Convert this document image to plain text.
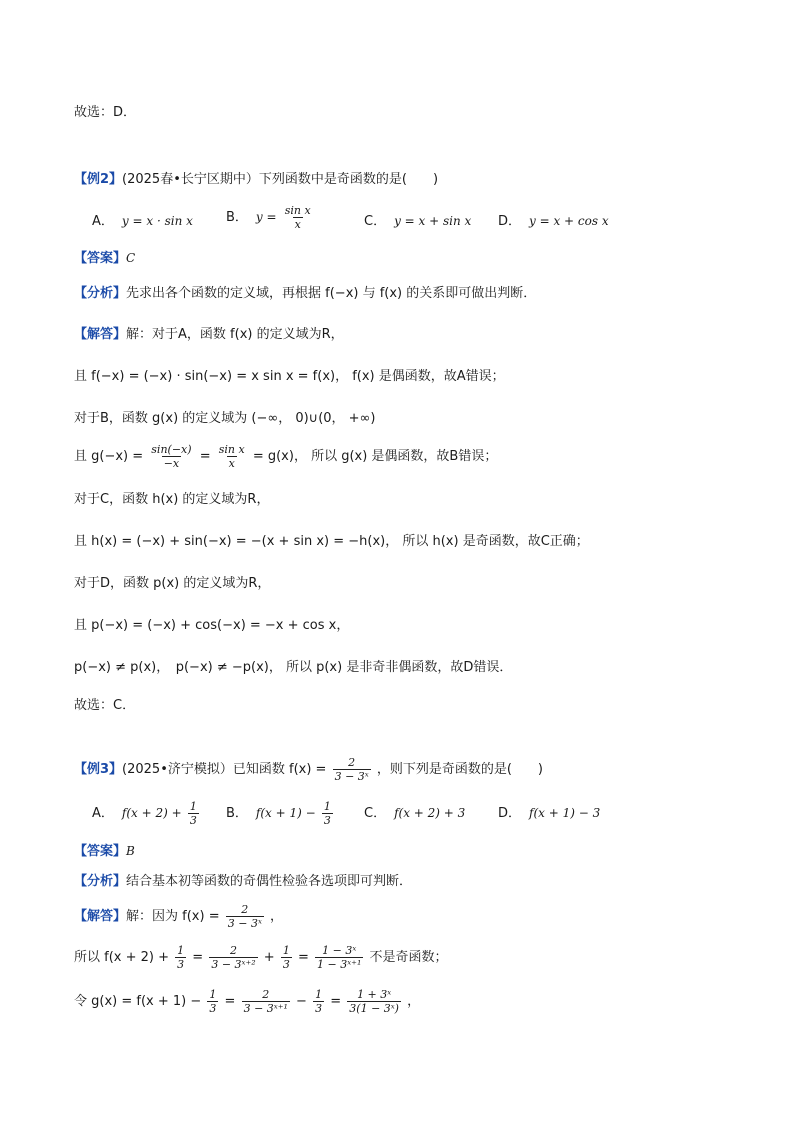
故选：D．
【例2】(2025春•长宁区期中）下列函数中是奇函数的是(　　)
A． y = x · sin x	B． $y = \frac{\text{sin x}}{x}$	C． y = x + sin x D． y = x + cos x
【答案】C
【分析】先求出各个函数的定义域，再根据 f(−x) 与 f(x) 的关系即可做出判断．
【解答】解：对于A，函数 f(x) 的定义域为R，
且 f(−x) = (−x) · sin(−x) = x sin x = f(x)， f(x) 是偶函数，故A错误；
对于B，函数 g(x) 的定义域为 (−∞， 0)∪(0， +∞)
且 $g(-x) = \frac{\sin(-x)}{-x} = \frac{\text{sin x}}{x} = g(x)$， 所以 g(x) 是偶函数，故B错误；
对于C，函数 h(x) 的定义域为R，
且 h(x) = (−x) + sin(−x) = −(x + sin x) = −h(x)， 所以 h(x) 是奇函数，故C正确；
对于D，函数 p(x) 的定义域为R，
且 p(−x) = (−x) + cos(−x) = −x + cos x，
p(−x) ≠ p(x)，　p(−x) ≠ −p(x)， 所以 p(x) 是非奇非偶函数，故D错误．
故选：C．
【例3】(2025•济宁模拟）已知函数 $f(x) = \frac{2}{\text{3 − 3ˣ}}$ ，则下列是奇函数的是(　　)
A． $f(x + 2) + \frac{1}{3}$ B． $f(x + 1) - \frac{1}{3}$ C． f(x + 2) + 3	D． f(x + 1) − 3
【答案】B
【分析】结合基本初等函数的奇偶性检验各选项即可判断．
【解答】解：因为 $f(x) = \frac{2}{\text{3 − 3ˣ}}$ ，
所以 $f(x + 2) + \frac{1}{3} = \frac{2}{\text{3 − 3ˣ⁺²}} + \frac{1}{3} = \frac{\text{1 − 3ˣ}}{\text{1 − 3ˣ⁺¹}}$ 不是奇函数；
令 $g(x) = f(x + 1) - \frac{1}{3} = \frac{2}{\text{3 − 3ˣ⁺¹}} - \frac{1}{3} = \frac{\text{1 + 3ˣ}}{\text{3(1 − 3ˣ)}}$ ，
